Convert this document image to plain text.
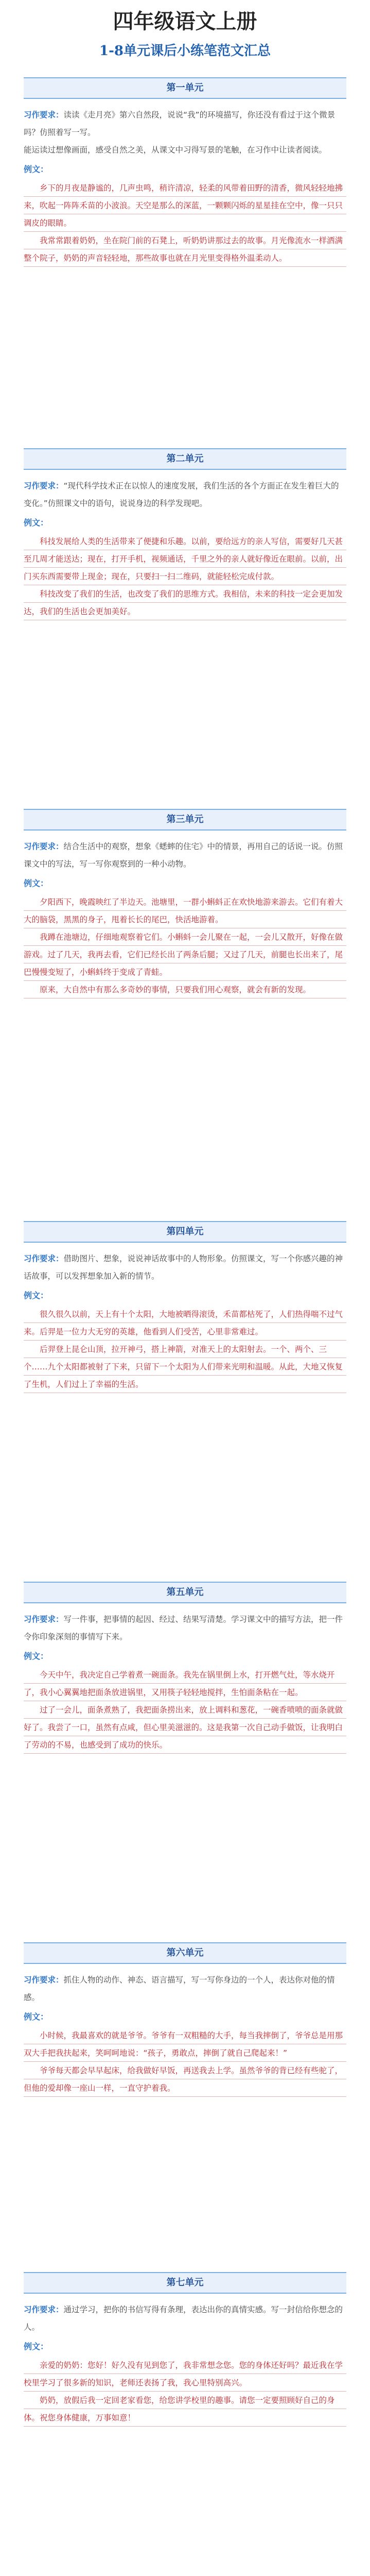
四年级语文上册
1-8单元课后小练笔范文汇总
第一单元

习作要求：读读《走月亮》第六自然段，说说“我”的环境描写，你还没有看过于这个微景吗？仿照着写一写。

能运读过想像画面，感受自然之美，从课文中习得写景的笔触，在习作中让读者阅读。

例文：

乡下的月夜是静谧的，几声虫鸣，稍许清凉，轻柔的风带着田野的清香，微风轻轻地拂来，吹起一阵阵禾苗的小波浪。天空是那么的深蓝，一颗颗闪烁的星星挂在空中，像一只只调皮的眼睛。

我常常跟着奶奶，坐在院门前的石凳上，听奶奶讲那过去的故事。月光像流水一样洒满整个院子，奶奶的声音轻轻地，那些故事也就在月光里变得格外温柔动人。

第二单元

习作要求：“现代科学技术正在以惊人的速度发展，我们生活的各个方面正在发生着巨大的变化。”仿照课文中的语句，说说身边的科学发现吧。

例文：

科技发展给人类的生活带来了便捷和乐趣。以前，要给远方的亲人写信，需要好几天甚至几周才能送达；现在，打开手机，视频通话，千里之外的亲人就好像近在眼前。以前，出门买东西需要带上现金；现在，只要扫一扫二维码，就能轻松完成付款。

科技改变了我们的生活，也改变了我们的思维方式。我相信，未来的科技一定会更加发达，我们的生活也会更加美好。

第三单元

习作要求：结合生活中的观察，想象《蟋蟀的住宅》中的情景，再用自己的话说一说。仿照课文中的写法，写一写你观察到的一种小动物。

例文：

夕阳西下，晚霞映红了半边天。池塘里，一群小蝌蚪正在欢快地游来游去。它们有着大大的脑袋，黑黑的身子，甩着长长的尾巴，快活地游着。

我蹲在池塘边，仔细地观察着它们。小蝌蚪一会儿聚在一起，一会儿又散开，好像在做游戏。过了几天，我再去看，它们已经长出了两条后腿；又过了几天，前腿也长出来了，尾巴慢慢变短了，小蝌蚪终于变成了青蛙。

原来，大自然中有那么多奇妙的事情，只要我们用心观察，就会有新的发现。

第四单元

习作要求：借助图片、想象，说说神话故事中的人物形象。仿照课文，写一个你感兴趣的神话故事，可以发挥想象加入新的情节。

例文：

很久很久以前，天上有十个太阳，大地被晒得滚烫，禾苗都枯死了，人们热得喘不过气来。后羿是一位力大无穷的英雄，他看到人们受苦，心里非常难过。

后羿登上昆仑山顶，拉开神弓，搭上神箭，对准天上的太阳射去。一个、两个、三个……九个太阳都被射了下来，只留下一个太阳为人们带来光明和温暖。从此，大地又恢复了生机，人们过上了幸福的生活。

第五单元

习作要求：写一件事，把事情的起因、经过、结果写清楚。学习课文中的描写方法，把一件令你印象深刻的事情写下来。

例文：

今天中午，我决定自己学着煮一碗面条。我先在锅里倒上水，打开燃气灶，等水烧开了，我小心翼翼地把面条放进锅里，又用筷子轻轻地搅拌，生怕面条粘在一起。

过了一会儿，面条煮熟了，我把面条捞出来，放上调料和葱花，一碗香喷喷的面条就做好了。我尝了一口，虽然有点咸，但心里美滋滋的。这是我第一次自己动手做饭，让我明白了劳动的不易，也感受到了成功的快乐。

第六单元

习作要求：抓住人物的动作、神态、语言描写，写一写你身边的一个人，表达你对他的情感。

例文：

小时候，我最喜欢的就是爷爷。爷爷有一双粗糙的大手，每当我摔倒了，爷爷总是用那双大手把我扶起来，笑呵呵地说：“孩子，勇敢点，摔倒了就自己爬起来！”

爷爷每天都会早早起床，给我做好早饭，再送我去上学。虽然爷爷的背已经有些驼了，但他的爱却像一座山一样，一直守护着我。

第七单元

习作要求：通过学习，把你的书信写得有条理，表达出你的真情实感。写一封信给你想念的人。

例文：

亲爱的奶奶：您好！好久没有见到您了，我非常想念您。您的身体还好吗？最近我在学校里学习了很多新的知识，老师还表扬了我，我心里特别高兴。

奶奶，放假后我一定回老家看您，给您讲学校里的趣事。请您一定要照顾好自己的身体。祝您身体健康，万事如意！
